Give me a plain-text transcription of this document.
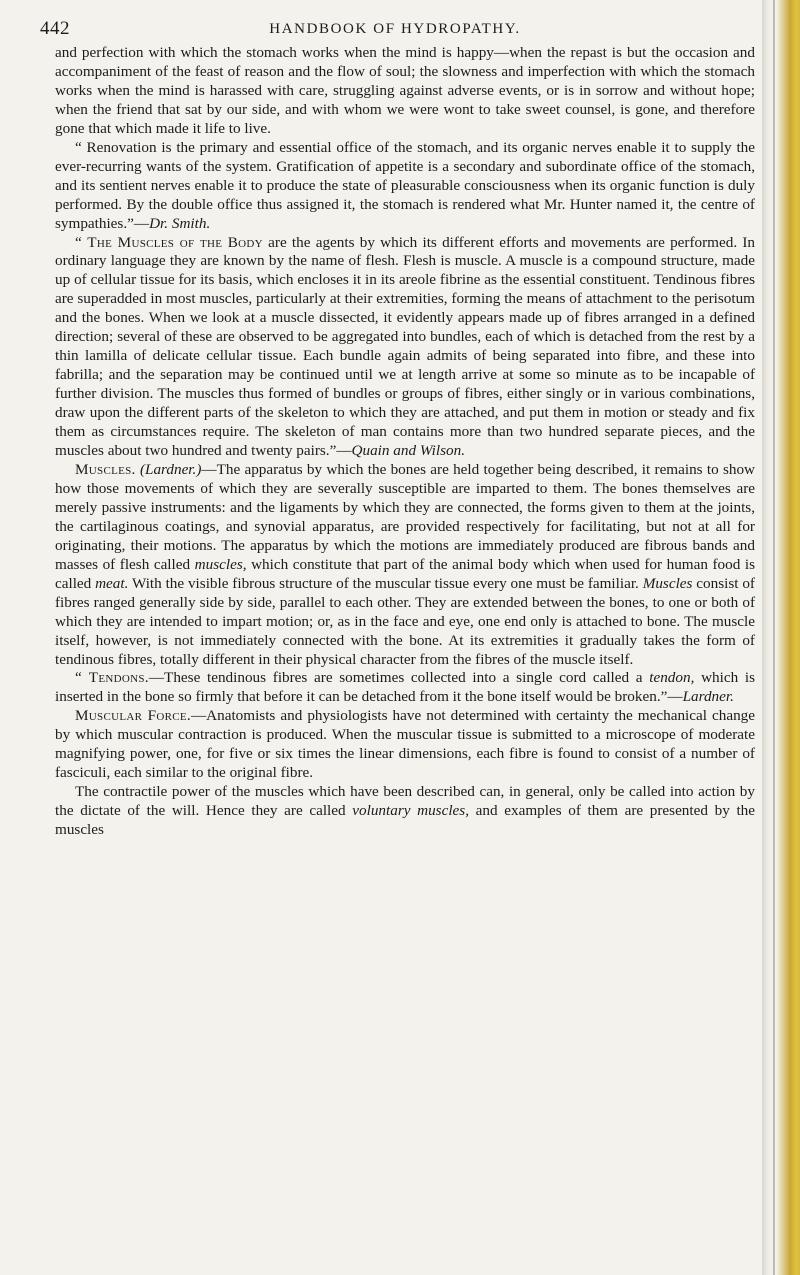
442	HANDBOOK OF HYDROPATHY.

and perfection with which the stomach works when the mind is happy—when the repast is but the occasion and accompaniment of the feast of reason and the flow of soul; the slowness and imperfection with which the stomach works when the mind is harassed with care, struggling against adverse events, or is in sorrow and without hope; when the friend that sat by our side, and with whom we were wont to take sweet counsel, is gone, and therefore gone that which made it life to live.

“ Renovation is the primary and essential office of the stomach, and its organic nerves enable it to supply the ever-recurring wants of the system. Gratification of appetite is a secondary and subordinate office of the stomach, and its sentient nerves enable it to produce the state of pleasurable consciousness when its organic function is duly performed. By the double office thus assigned it, the stomach is rendered what Mr. Hunter named it, the centre of sympathies.”—Dr. Smith.

“ The Muscles of the Body are the agents by which its different efforts and movements are performed. In ordinary language they are known by the name of flesh. Flesh is muscle. A muscle is a compound structure, made up of cellular tissue for its basis, which encloses it in its areole fibrine as the essential constituent. Tendinous fibres are superadded in most muscles, particularly at their extremities, forming the means of attachment to the perisotum and the bones. When we look at a muscle dissected, it evidently appears made up of fibres arranged in a defined direction; several of these are observed to be aggregated into bundles, each of which is detached from the rest by a thin lamilla of delicate cellular tissue. Each bundle again admits of being separated into fibre, and these into fabrilla; and the separation may be continued until we at length arrive at some so minute as to be incapable of further division. The muscles thus formed of bundles or groups of fibres, either singly or in various combinations, draw upon the different parts of the skeleton to which they are attached, and put them in motion or steady and fix them as circumstances require. The skeleton of man contains more than two hundred separate pieces, and the muscles about two hundred and twenty pairs.”—Quain and Wilson.

Muscles. (Lardner.)—The apparatus by which the bones are held together being described, it remains to show how those movements of which they are severally susceptible are imparted to them. The bones themselves are merely passive instruments: and the ligaments by which they are connected, the forms given to them at the joints, the cartilaginous coatings, and synovial apparatus, are provided respectively for facilitating, but not at all for originating, their motions. The apparatus by which the motions are immediately produced are fibrous bands and masses of flesh called muscles, which constitute that part of the animal body which when used for human food is called meat. With the visible fibrous structure of the muscular tissue every one must be familiar. Muscles consist of fibres ranged generally side by side, parallel to each other. They are extended between the bones, to one or both of which they are intended to impart motion; or, as in the face and eye, one end only is attached to bone. The muscle itself, however, is not immediately connected with the bone. At its extremities it gradually takes the form of tendinous fibres, totally different in their physical character from the fibres of the muscle itself.

“ Tendons.—These tendinous fibres are sometimes collected into a single cord called a tendon, which is inserted in the bone so firmly that before it can be detached from it the bone itself would be broken.”—Lardner.

Muscular Force.—Anatomists and physiologists have not determined with certainty the mechanical change by which muscular contraction is produced. When the muscular tissue is submitted to a microscope of moderate magnifying power, one, for five or six times the linear dimensions, each fibre is found to consist of a number of fasciculi, each similar to the original fibre.

The contractile power of the muscles which have been described can, in general, only be called into action by the dictate of the will. Hence they are called voluntary muscles, and examples of them are presented by the muscles
